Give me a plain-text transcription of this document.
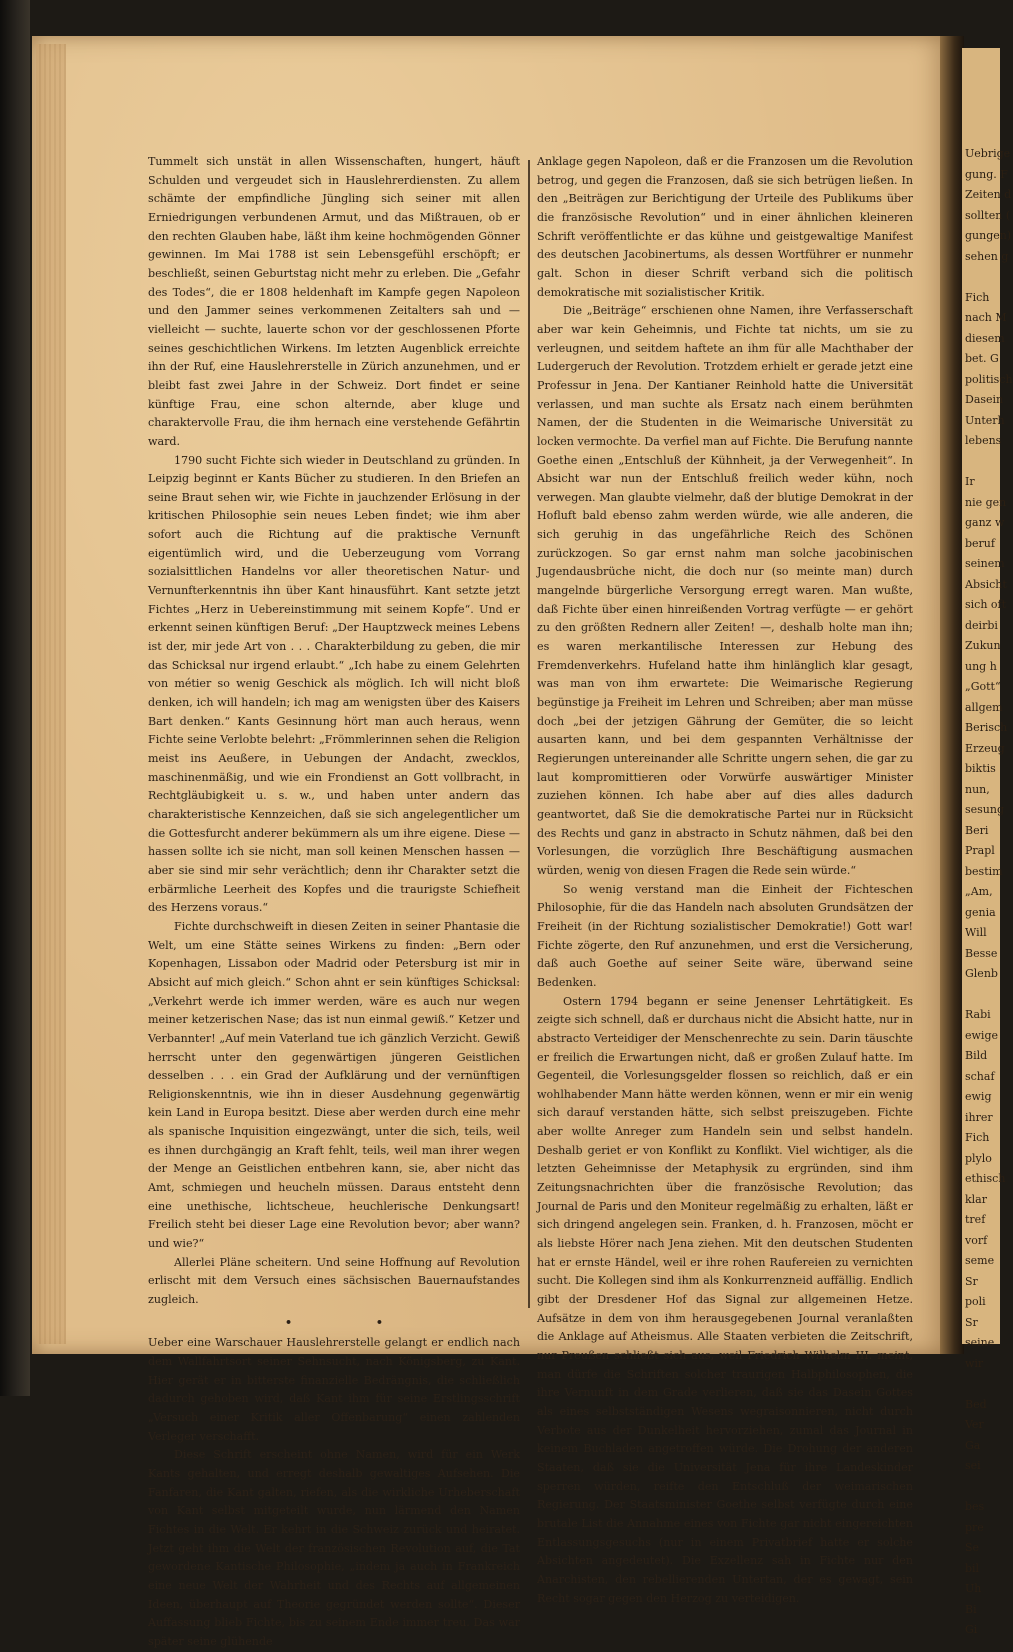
Uebrige
gung. F
Zeiten d
sollten (
gungen)
sehen g

Fich
nach M
diesem
bet. G
politisch
Dasein
Unterh
lebens

Ir
nie gen
ganz w
beruf
seinem
Absicht
sich oft
deirbi
Zukun
ung h
„Gott“
allgem
Berisch
Erzeug
biktis
nun,
sesung
Beri
Prapl
bestim
„Am,
genia
Will
Besse
Glenb

Rabi
ewige
Bild
schaf
ewig
ihrer
Fich
plylo
ethisch
klar
tref
vorf
seme
Sr
poli
Sr
seine
wir

Bed
Ver
Ga
sei

bes
pre
Se
bil
Uh
Bi
Gi

Tummelt sich unstät in allen Wissenschaften, hungert, häuft Schulden und vergeudet sich in Hauslehrerdiensten. Zu allem schämte der empfindliche Jüngling sich seiner mit allen Erniedrigungen verbundenen Armut, und das Mißtrauen, ob er den rechten Glauben habe, läßt ihm keine hochmögenden Gönner gewinnen. Im Mai 1788 ist sein Lebensgefühl erschöpft; er beschließt, seinen Geburtstag nicht mehr zu erleben. Die „Gefahr des Todes“, die er 1808 heldenhaft im Kampfe gegen Napoleon und den Jammer seines verkommenen Zeitalters sah und — vielleicht — suchte, lauerte schon vor der geschlossenen Pforte seines geschichtlichen Wirkens. Im letzten Augenblick erreichte ihn der Ruf, eine Hauslehrerstelle in Zürich anzunehmen, und er bleibt fast zwei Jahre in der Schweiz. Dort findet er seine künftige Frau, eine schon alternde, aber kluge und charaktervolle Frau, die ihm hernach eine verstehende Gefährtin ward.

1790 sucht Fichte sich wieder in Deutschland zu gründen. In Leipzig beginnt er Kants Bücher zu studieren. In den Briefen an seine Braut sehen wir, wie Fichte in jauchzender Erlösung in der kritischen Philosophie sein neues Leben findet; wie ihm aber sofort auch die Richtung auf die praktische Vernunft eigentümlich wird, und die Ueberzeugung vom Vorrang sozialsittlichen Handelns vor aller theoretischen Natur- und Vernunfterkenntnis ihn über Kant hinausführt. Kant setzte jetzt Fichtes „Herz in Uebereinstimmung mit seinem Kopfe“. Und er erkennt seinen künftigen Beruf: „Der Hauptzweck meines Lebens ist der, mir jede Art von . . . Charakterbildung zu geben, die mir das Schicksal nur irgend erlaubt.“ „Ich habe zu einem Gelehrten von métier so wenig Geschick als möglich. Ich will nicht bloß denken, ich will handeln; ich mag am wenigsten über des Kaisers Bart denken.“ Kants Gesinnung hört man auch heraus, wenn Fichte seine Verlobte belehrt: „Frömmlerinnen sehen die Religion meist ins Aeußere, in Uebungen der Andacht, zwecklos, maschinenmäßig, und wie ein Frondienst an Gott vollbracht, in Rechtgläubigkeit u. s. w., und haben unter andern das charakteristische Kennzeichen, daß sie sich angelegentlicher um die Gottesfurcht anderer bekümmern als um ihre eigene. Diese — hassen sollte ich sie nicht, man soll keinen Menschen hassen — aber sie sind mir sehr verächtlich; denn ihr Charakter setzt die erbärmliche Leerheit des Kopfes und die traurigste Schiefheit des Herzens voraus.“

Fichte durchschweift in diesen Zeiten in seiner Phantasie die Welt, um eine Stätte seines Wirkens zu finden: „Bern oder Kopenhagen, Lissabon oder Madrid oder Petersburg ist mir in Absicht auf mich gleich.“ Schon ahnt er sein künftiges Schicksal: „Verkehrt werde ich immer werden, wäre es auch nur wegen meiner ketzerischen Nase; das ist nun einmal gewiß.“ Ketzer und Verbannter! „Auf mein Vaterland tue ich gänzlich Verzicht. Gewiß herrscht unter den gegenwärtigen jüngeren Geistlichen desselben . . . ein Grad der Aufklärung und der vernünftigen Religionskenntnis, wie ihn in dieser Ausdehnung gegenwärtig kein Land in Europa besitzt. Diese aber werden durch eine mehr als spanische Inquisition eingezwängt, unter die sich, teils, weil es ihnen durchgängig an Kraft fehlt, teils, weil man ihrer wegen der Menge an Geistlichen entbehren kann, sie, aber nicht das Amt, schmiegen und heucheln müssen. Daraus entsteht denn eine unethische, lichtscheue, heuchlerische Denkungsart! Freilich steht bei dieser Lage eine Revolution bevor; aber wann? und wie?“

Allerlei Pläne scheitern. Und seine Hoffnung auf Revolution erlischt mit dem Versuch eines sächsischen Bauernaufstandes zugleich.

• •

Ueber eine Warschauer Hauslehrerstelle gelangt er endlich nach dem Wallfahrtsort seiner Sehnsucht, nach Königsberg, zu Kant. Hier gerät er in bitterste finanzielle Bedrängnis, die schließlich dadurch gehoben wird, daß Kant ihm für seine Erstlingsschrift „Versuch einer Kritik aller Offenbarung“ einen zahlenden Verleger verschafft.

Diese Schrift erscheint ohne Namen, wird für ein Werk Kants gehalten, und erregt deshalb gewaltiges Aufsehen. Die Fanfaren, die Kant galten, riefen, als die wirkliche Urheberschaft von Kant selbst mitgeteilt wurde, nun lärmend den Namen Fichtes in die Welt. Er kehrt in die Schweiz zurück und heiratet. Jetzt geht ihm die Welt der französischen Revolution auf, die Tat gewordene Kantische Philosophie, „indem ja auch in Frankreich eine neue Welt der Wahrheit und des Rechts auf allgemeinen Ideen, überhaupt auf Theorie gegründet werden sollte“. Dieser Auffassung blieb Fichte, bis zu seinem Ende immer treu. Das war später seine glühende

Anklage gegen Napoleon, daß er die Franzosen um die Revolution betrog, und gegen die Franzosen, daß sie sich betrügen ließen. In den „Beiträgen zur Berichtigung der Urteile des Publikums über die französische Revolution“ und in einer ähnlichen kleineren Schrift veröffentlichte er das kühne und geistgewaltige Manifest des deutschen Jacobinertums, als dessen Wortführer er nunmehr galt. Schon in dieser Schrift verband sich die politisch demokratische mit sozialistischer Kritik.

Die „Beiträge“ erschienen ohne Namen, ihre Verfasserschaft aber war kein Geheimnis, und Fichte tat nichts, um sie zu verleugnen, und seitdem haftete an ihm für alle Machthaber der Ludergeruch der Revolution. Trotzdem erhielt er gerade jetzt eine Professur in Jena. Der Kantianer Reinhold hatte die Universität verlassen, und man suchte als Ersatz nach einem berühmten Namen, der die Studenten in die Weimarische Universität zu locken vermochte. Da verfiel man auf Fichte. Die Berufung nannte Goethe einen „Entschluß der Kühnheit, ja der Verwegenheit“. In Absicht war nun der Entschluß freilich weder kühn, noch verwegen. Man glaubte vielmehr, daß der blutige Demokrat in der Hofluft bald ebenso zahm werden würde, wie alle anderen, die sich geruhig in das ungefährliche Reich des Schönen zurückzogen. So gar ernst nahm man solche jacobinischen Jugendausbrüche nicht, die doch nur (so meinte man) durch mangelnde bürgerliche Versorgung erregt waren. Man wußte, daß Fichte über einen hinreißenden Vortrag verfügte — er gehört zu den größten Rednern aller Zeiten! —, deshalb holte man ihn; es waren merkantilische Interessen zur Hebung des Fremdenverkehrs. Hufeland hatte ihm hinlänglich klar gesagt, was man von ihm erwartete: Die Weimarische Regierung begünstige ja Freiheit im Lehren und Schreiben; aber man müsse doch „bei der jetzigen Gährung der Gemüter, die so leicht ausarten kann, und bei dem gespannten Verhältnisse der Regierungen untereinander alle Schritte ungern sehen, die gar zu laut kompromittieren oder Vorwürfe auswärtiger Minister zuziehen können. Ich habe aber auf dies alles dadurch geantwortet, daß Sie die demokratische Partei nur in Rücksicht des Rechts und ganz in abstracto in Schutz nähmen, daß bei den Vorlesungen, die vorzüglich Ihre Beschäftigung ausmachen würden, wenig von diesen Fragen die Rede sein würde.“

So wenig verstand man die Einheit der Fichteschen Philosophie, für die das Handeln nach absoluten Grundsätzen der Freiheit (in der Richtung sozialistischer Demokratie!) Gott war! Fichte zögerte, den Ruf anzunehmen, und erst die Versicherung, daß auch Goethe auf seiner Seite wäre, überwand seine Bedenken.

Ostern 1794 begann er seine Jenenser Lehrtätigkeit. Es zeigte sich schnell, daß er durchaus nicht die Absicht hatte, nur in abstracto Verteidiger der Menschenrechte zu sein. Darin täuschte er freilich die Erwartungen nicht, daß er großen Zulauf hatte. Im Gegenteil, die Vorlesungsgelder flossen so reichlich, daß er ein wohlhabender Mann hätte werden können, wenn er mir ein wenig sich darauf verstanden hätte, sich selbst preiszugeben. Fichte aber wollte Anreger zum Handeln sein und selbst handeln. Deshalb geriet er von Konflikt zu Konflikt. Viel wichtiger, als die letzten Geheimnisse der Metaphysik zu ergründen, sind ihm Zeitungsnachrichten über die französische Revolution; das Journal de Paris und den Moniteur regelmäßig zu erhalten, läßt er sich dringend angelegen sein. Franken, d. h. Franzosen, möcht er als liebste Hörer nach Jena ziehen. Mit den deutschen Studenten hat er ernste Händel, weil er ihre rohen Raufereien zu vernichten sucht. Die Kollegen sind ihm als Konkurrenzneid auffällig. Endlich gibt der Dresdener Hof das Signal zur allgemeinen Hetze. Aufsätze in dem von ihm herausgegebenen Journal veranlaßten die Anklage auf Atheismus. Alle Staaten verbieten die Zeitschrift, nur Preußen schließt sich aus, weil Friedrich Wilhelm III. meint, man dürfe die Schriften solcher traurigen Halbphilosophen, die ihre Vernunft in dem Grade verlieren, daß sie das Dasein Gottes als eines selbstständigen Wesens wegraisonnieren, nicht durch Verbote aus der Dunkelheit hervorziehen, zumal das Journal in keinem Buchladen angetroffen würde. Die Drohung der anderen Staaten, daß sie die Universität Jena für ihre Landeskinder sperren würden, reifte den Entschluß der weimarischen Regierung. Der Staatsminister Goethe selbst verfügte durch eine brutale List die Annahme eines von Fichte gar nicht eingereichten Entlassungsgesuchs (nur in einem Privatbrief hatte er solche Absichten angedeutet). Die Exzellenz sah in Fichte nur den Anarchisten, den rebellierenden Untertan, der es gewagt, sein Recht sogar gegen den Herzog zu verteidigen.
